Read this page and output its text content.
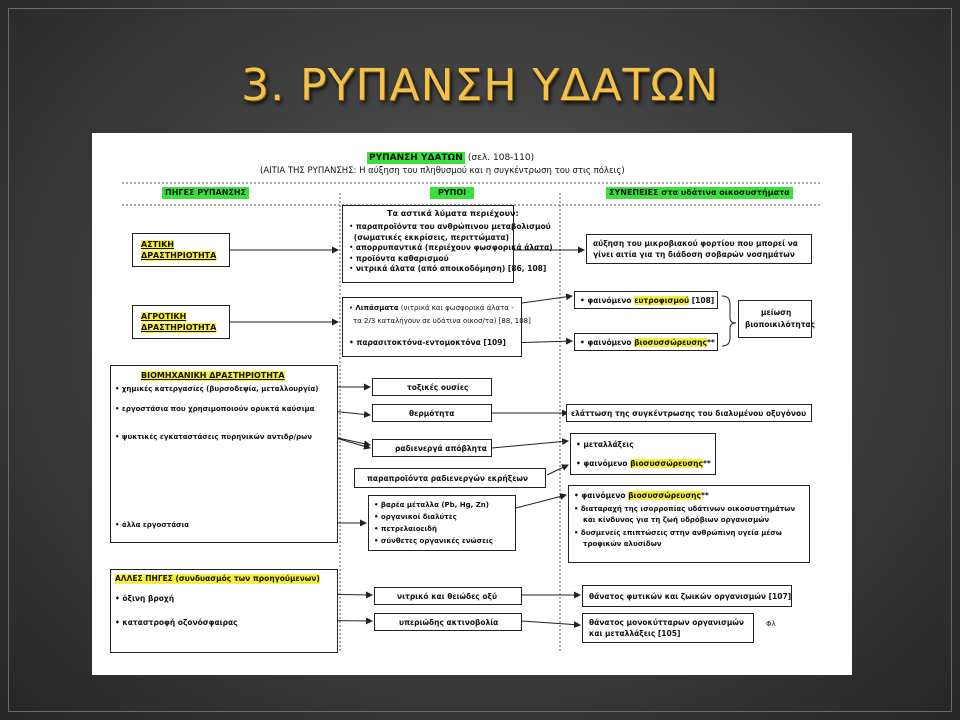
3. ΡΥΠΑΝΣΗ ΥΔΑΤΩΝ
ΡΥΠΑΝΣΗ ΥΔΑΤΩΝ (σελ. 108-110)
(ΑΙΤΙΑ ΤΗΣ ΡΥΠΑΝΣΗΣ: Η αύξηση του πληθυσμού και η συγκέντρωση του στις πόλεις)
ΠΗΓΕΣ ΡΥΠΑΝΣΗΣ	ΡΥΠΟΙ	ΣΥΝΕΠΕΙΕΣ στα υδάτινα οικοσυστήματα
ΑΣΤΙΚΗ
ΔΡΑΣΤΗΡΙΟΤΗΤΑ
Τα αστικά λύματα περιέχουν:
• παραπροϊόντα του ανθρώπινου μεταβολισμού
(σωματικές εκκρίσεις, περιττώματα)
• απορρυπαντικά (περιέχουν φωσφορικά άλατα)
• προϊόντα καθαρισμού
• νιτρικά άλατα (από αποικοδόμηση) [86, 108]
αύξηση του μικροβιακού φορτίου που μπορεί να
γίνει αιτία για τη διάδοση σοβαρών νοσημάτων
ΑΓΡΟΤΙΚΗ
ΔΡΑΣΤΗΡΙΟΤΗΤΑ
• Λιπάσματα (νιτρικά και φωσφορικά άλατα -
τα 2/3 καταλήγουν σε υδάτινα οικοσ/τα) [88, 108]
• παρασιτοκτόνα-εντομοκτόνα [109]
• φαινόμενο ευτροφισμού [108]
• φαινόμενο βιοσυσσώρευσης**
μείωση
βιοποικιλότητας
ΒΙΟΜΗΧΑΝΙΚΗ ΔΡΑΣΤΗΡΙΟΤΗΤΑ
• χημικές κατεργασίες (βυρσοδεψία, μεταλλουργία)
• εργοστάσια που χρησιμοποιούν ορυκτά καύσιμα
• ψυκτικές εγκαταστάσεις πυρηνικών αντιδρ/ρων
• άλλα εργοστάσια
τοξικές ουσίες
θερμότητα
ραδιενεργά απόβλητα
παραπροϊόντα ραδιενεργών εκρήξεων
• βαρέα μέταλλα (Pb, Hg, Zn)
• οργανικοί διαλύτες
• πετρελαιοειδή
• σύνθετες οργανικές ενώσεις
ελάττωση της συγκέντρωσης του διαλυμένου οξυγόνου
• μεταλλάξεις
• φαινόμενο βιοσυσσώρευσης**
• φαινόμενο βιοσυσσώρευσης**
• διαταραχή της ισορροπίας υδάτινων οικοσυστημάτων
και κίνδυνος για τη ζωή υδρόβιων οργανισμών
• δυσμενείς επιπτώσεις στην ανθρώπινη υγεία μέσω
τροφικών αλυσίδων
ΑΛΛΕΣ ΠΗΓΕΣ (συνδυασμός των προηγούμενων)
• όξινη βροχή
• καταστροφή οζονόσφαιρας
νιτρικό και θειώδες οξύ
υπεριώδης ακτινοβολία
θάνατος φυτικών και ζωικών οργανισμών [107]
θάνατος μονοκύτταρων οργανισμών
και μεταλλάξεις [105]
Φλ
